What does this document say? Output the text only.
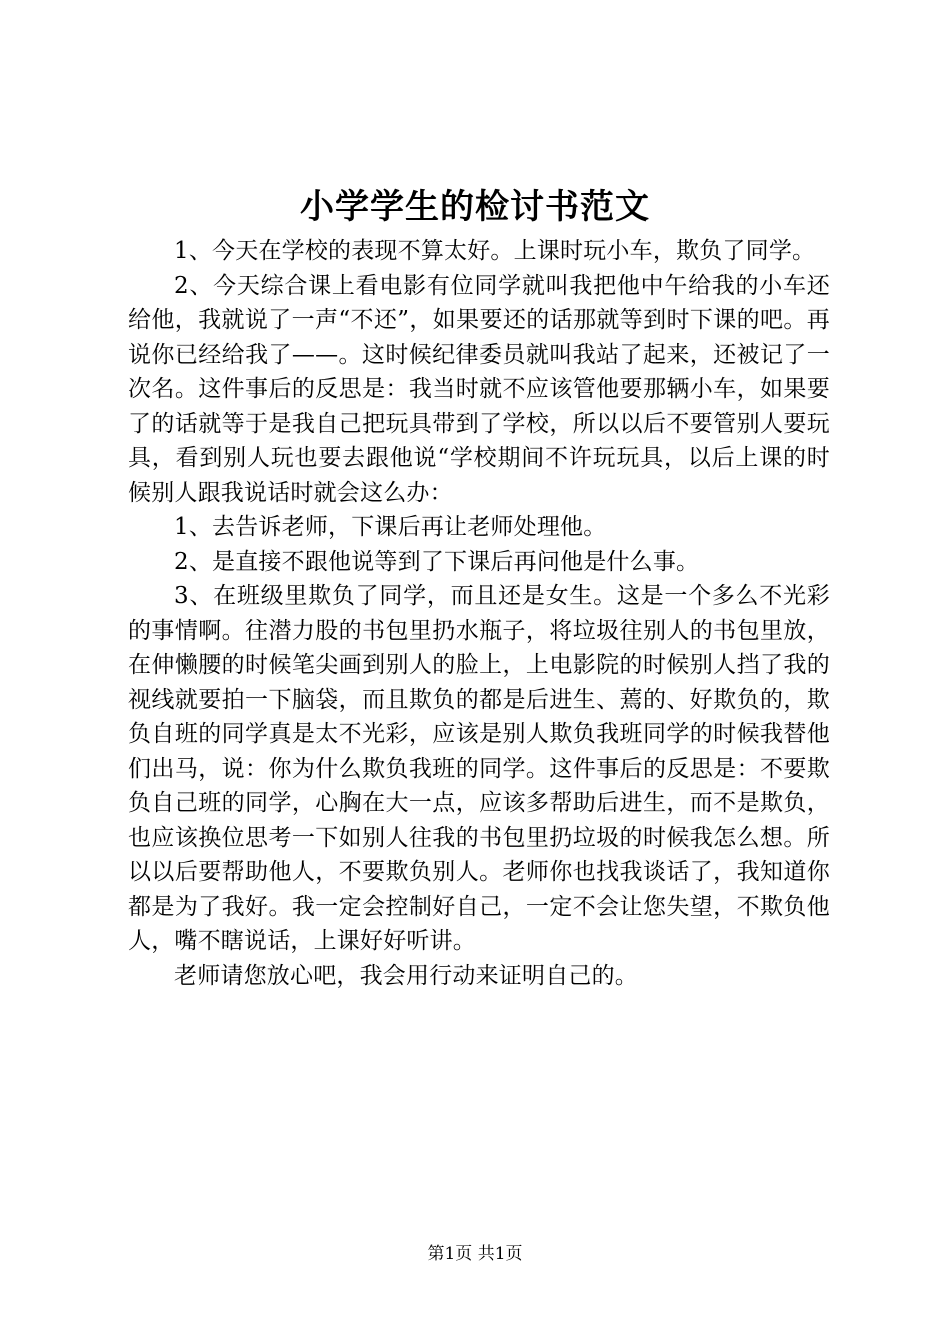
小学学生的检讨书范文

1、今天在学校的表现不算太好。上课时玩小车，欺负了同学。

2、今天综合课上看电影有位同学就叫我把他中午给我的小车还给他，我就说了一声“不还”，如果要还的话那就等到时下课的吧。再说你已经给我了——。这时候纪律委员就叫我站了起来，还被记了一次名。这件事后的反思是：我当时就不应该管他要那辆小车，如果要了的话就等于是我自己把玩具带到了学校，所以以后不要管别人要玩具，看到别人玩也要去跟他说“学校期间不许玩玩具，以后上课的时候别人跟我说话时就会这么办：

1、去告诉老师，下课后再让老师处理他。

2、是直接不跟他说等到了下课后再问他是什么事。

3、在班级里欺负了同学，而且还是女生。这是一个多么不光彩的事情啊。往潜力股的书包里扔水瓶子，将垃圾往别人的书包里放，在伸懒腰的时候笔尖画到别人的脸上，上电影院的时候别人挡了我的视线就要拍一下脑袋，而且欺负的都是后进生、蔫的、好欺负的，欺负自班的同学真是太不光彩，应该是别人欺负我班同学的时候我替他们出马，说：你为什么欺负我班的同学。这件事后的反思是：不要欺负自己班的同学，心胸在大一点，应该多帮助后进生，而不是欺负，也应该换位思考一下如别人往我的书包里扔垃圾的时候我怎么想。所以以后要帮助他人，不要欺负别人。老师你也找我谈话了，我知道你都是为了我好。我一定会控制好自己，一定不会让您失望，不欺负他人，嘴不瞎说话，上课好好听讲。

老师请您放心吧，我会用行动来证明自己的。

第1页 共1页
